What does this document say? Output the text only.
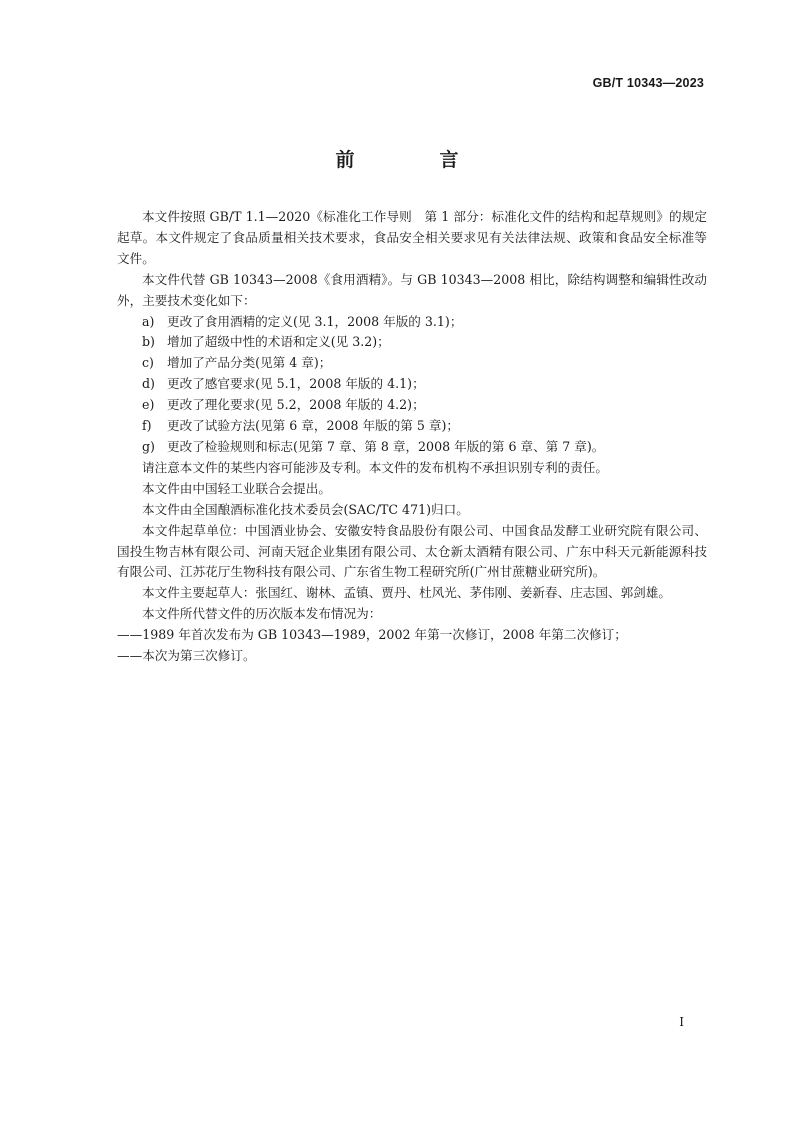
GB/T 10343—2023
前　言

本文件按照 GB/T 1.1—2020《标准化工作导则　第 1 部分：标准化文件的结构和起草规则》的规定起草。本文件规定了食品质量相关技术要求，食品安全相关要求见有关法律法规、政策和食品安全标准等文件。

本文件代替 GB 10343—2008《食用酒精》。与 GB 10343—2008 相比，除结构调整和编辑性改动外，主要技术变化如下：

a) 更改了食用酒精的定义(见 3.1，2008 年版的 3.1)；

b) 增加了超级中性的术语和定义(见 3.2)；

c) 增加了产品分类(见第 4 章)；

d) 更改了感官要求(见 5.1，2008 年版的 4.1)；

e) 更改了理化要求(见 5.2，2008 年版的 4.2)；

f) 更改了试验方法(见第 6 章，2008 年版的第 5 章)；

g) 更改了检验规则和标志(见第 7 章、第 8 章，2008 年版的第 6 章、第 7 章)。

请注意本文件的某些内容可能涉及专利。本文件的发布机构不承担识别专利的责任。

本文件由中国轻工业联合会提出。

本文件由全国酿酒标准化技术委员会(SAC/TC 471)归口。

本文件起草单位：中国酒业协会、安徽安特食品股份有限公司、中国食品发酵工业研究院有限公司、国投生物吉林有限公司、河南天冠企业集团有限公司、太仓新太酒精有限公司、广东中科天元新能源科技有限公司、江苏花厅生物科技有限公司、广东省生物工程研究所(广州甘蔗糖业研究所)。

本文件主要起草人：张国红、谢林、孟镇、贾丹、杜风光、茅伟刚、姜新春、庄志国、郭剑雄。

本文件所代替文件的历次版本发布情况为：

——1989 年首次发布为 GB 10343—1989，2002 年第一次修订，2008 年第二次修订；

——本次为第三次修订。

I
